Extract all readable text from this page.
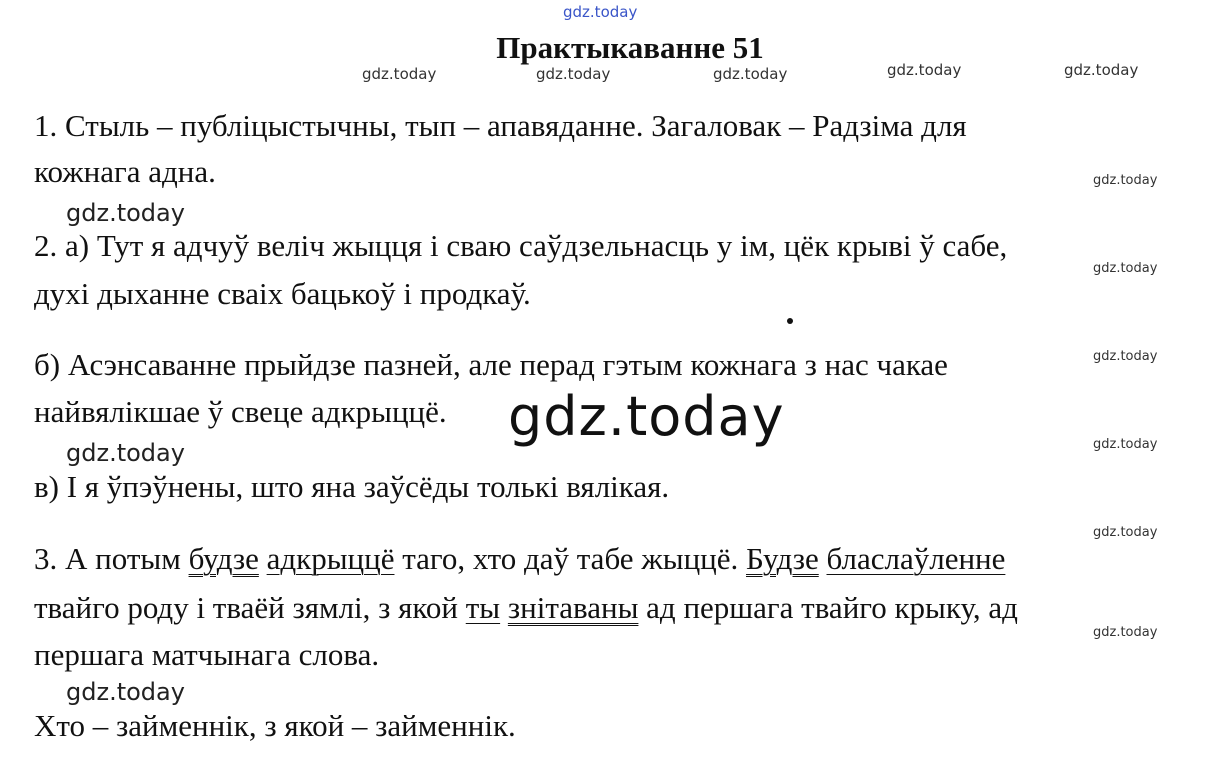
gdz.today
gdz.today	gdz.today	gdz.today	gdz.today	gdz.today
gdz.today
gdz.today
gdz.today
gdz.today
gdz.today
gdz.today	gdz.today
gdz.today
gdz.today
gdz.today
Практыкаванне 51
1. Стыль – публіцыстычны, тып – апавяданне. Загаловак – Радзіма для
кожнага адна.
2. а) Тут я адчуў веліч жыцця і сваю саўдзельнасць у ім, цёк крыві ў сабе,
духі дыханне сваіх бацькоў і продкаў.
б) Асэнсаванне прыйдзе пазней, але перад гэтым кожнага з нас чакае
найвялікшае ў свеце адкрыццё.
в) І я ўпэўнены, што яна заўсёды толькі вялікая.
3. А потым будзе адкрыццё таго, хто даў табе жыццё. Будзе бласлаўленне
твайго роду і тваёй зямлі, з якой ты знітаваны ад першага твайго крыку, ад
першага матчынага слова.
Хто – займеннік, з якой – займеннік.
